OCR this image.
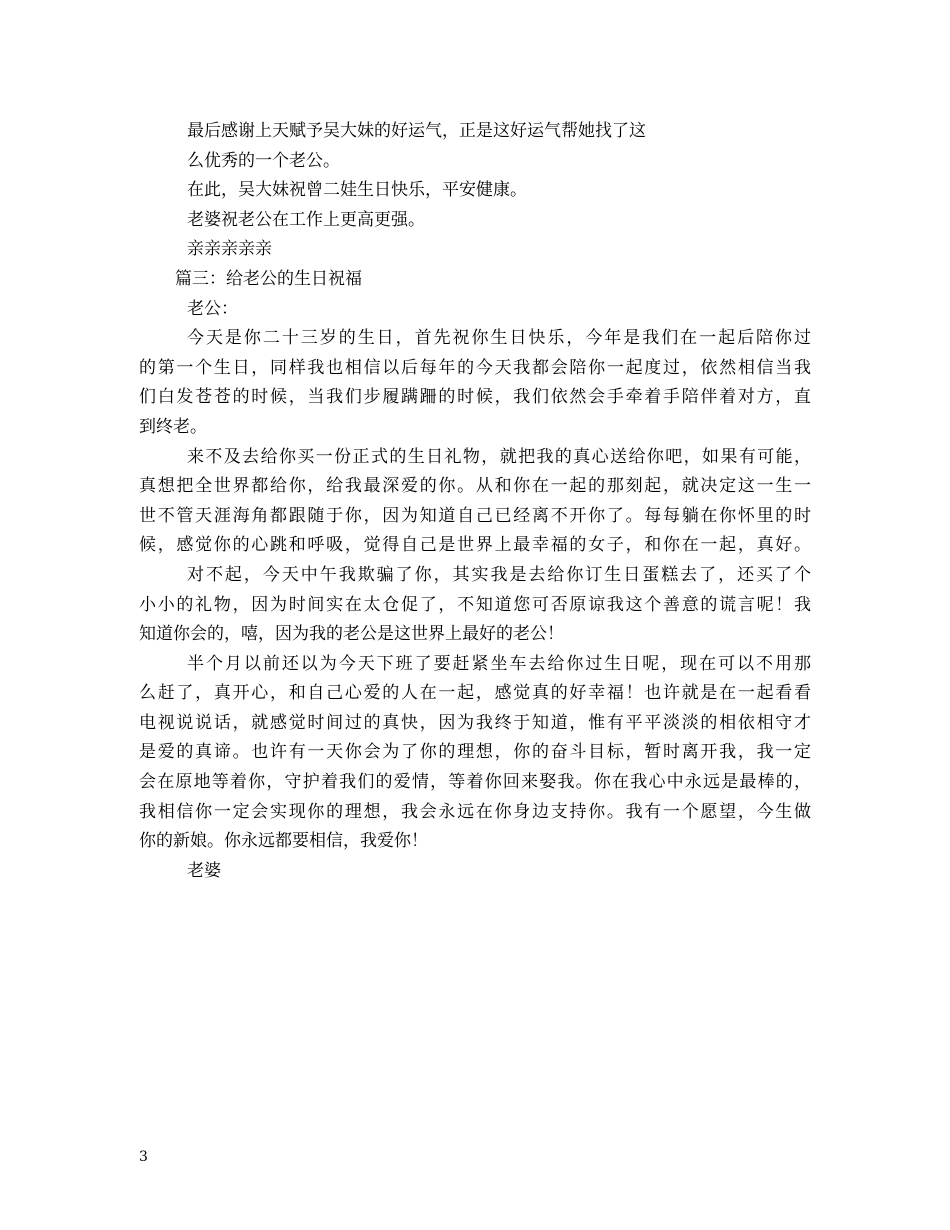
最后感谢上天赋予吴大妹的好运气，正是这好运气帮她找了这
么优秀的一个老公。
在此，吴大妹祝曾二娃生日快乐，平安健康。
老婆祝老公在工作上更高更强。
亲亲亲亲亲
篇三：给老公的生日祝福
老公：
今天是你二十三岁的生日，首先祝你生日快乐，今年是我们在一起后陪你过
的第一个生日，同样我也相信以后每年的今天我都会陪你一起度过，依然相信当我
们白发苍苍的时候，当我们步履蹒跚的时候，我们依然会手牵着手陪伴着对方，直
到终老。
来不及去给你买一份正式的生日礼物，就把我的真心送给你吧，如果有可能，
真想把全世界都给你，给我最深爱的你。从和你在一起的那刻起，就决定这一生一
世不管天涯海角都跟随于你，因为知道自己已经离不开你了。每每躺在你怀里的时
候，感觉你的心跳和呼吸，觉得自己是世界上最幸福的女子，和你在一起，真好。
对不起，今天中午我欺骗了你，其实我是去给你订生日蛋糕去了，还买了个
小小的礼物，因为时间实在太仓促了，不知道您可否原谅我这个善意的谎言呢！我
知道你会的，嘻，因为我的老公是这世界上最好的老公！
半个月以前还以为今天下班了要赶紧坐车去给你过生日呢，现在可以不用那
么赶了，真开心，和自己心爱的人在一起，感觉真的好幸福！也许就是在一起看看
电视说说话，就感觉时间过的真快，因为我终于知道，惟有平平淡淡的相依相守才
是爱的真谛。也许有一天你会为了你的理想，你的奋斗目标，暂时离开我，我一定
会在原地等着你，守护着我们的爱情，等着你回来娶我。你在我心中永远是最棒的，
我相信你一定会实现你的理想，我会永远在你身边支持你。我有一个愿望，今生做
你的新娘。你永远都要相信，我爱你！
老婆
3
